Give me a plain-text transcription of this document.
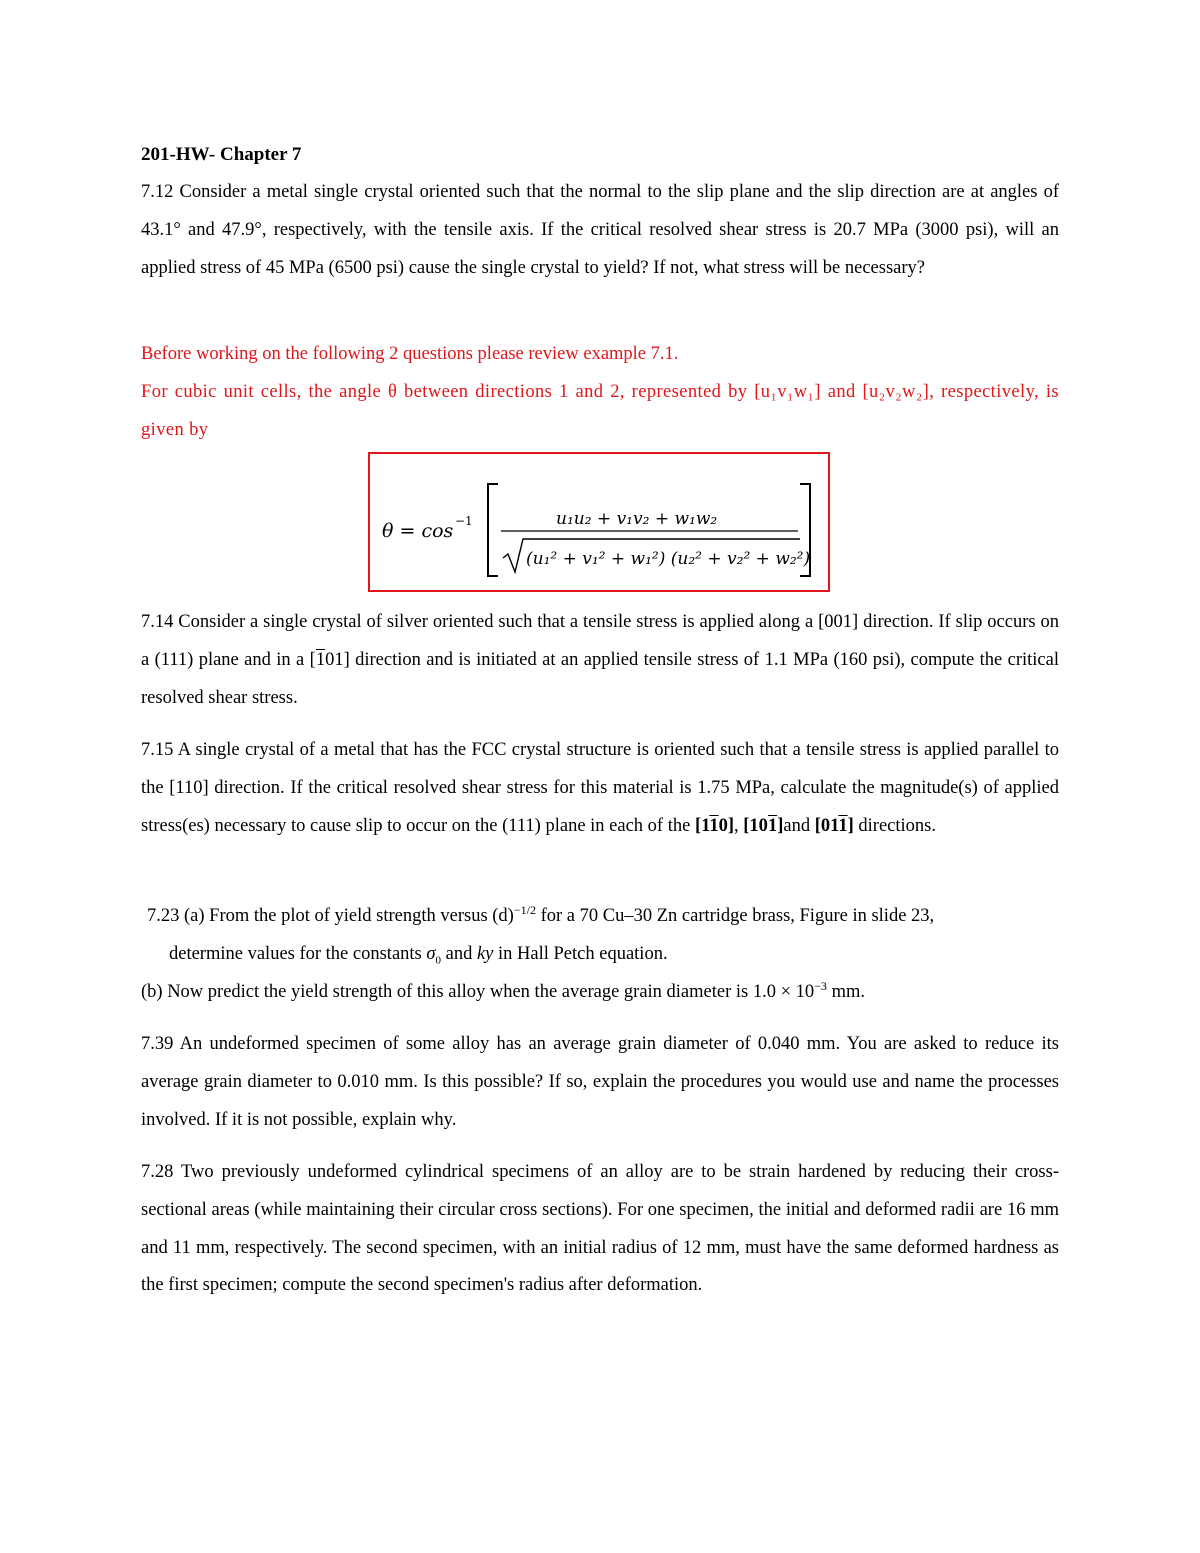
201-HW- Chapter 7
7.12 Consider a metal single crystal oriented such that the normal to the slip plane and the slip direction are at angles of 43.1° and 47.9°, respectively, with the tensile axis. If the critical resolved shear stress is 20.7 MPa (3000 psi), will an applied stress of 45 MPa (6500 psi) cause the single crystal to yield? If not, what stress will be necessary?
Before working on the following 2 questions please review example 7.1.
For cubic unit cells, the angle θ between directions 1 and 2, represented by [u₁v₁w₁] and [u₂v₂w₂], respectively, is given by
θ = cos −1	u₁u₂ + v₁v₂ + w₁w₂
(u₁² + v₁² + w₁²) (u₂² + v₂² + w₂²)
7.14 Consider a single crystal of silver oriented such that a tensile stress is applied along a [001] direction. If slip occurs on a (111) plane and in a [101] direction and is initiated at an applied tensile stress of 1.1 MPa (160 psi), compute the critical resolved shear stress.
7.15 A single crystal of a metal that has the FCC crystal structure is oriented such that a tensile stress is applied parallel to the [110] direction. If the critical resolved shear stress for this material is 1.75 MPa, calculate the magnitude(s) of applied stress(es) necessary to cause slip to occur on the (111) plane in each of the [110], [101]and [011] directions.
7.23 (a) From the plot of yield strength versus $(d)^{-1/2}$ for a 70 Cu–30 Zn cartridge brass, Figure in slide 23,
determine values for the constants $\sigma_0$ and ky in Hall Petch equation.
(b) Now predict the yield strength of this alloy when the average grain diameter is $1.0 \times 10^{-3}$ mm.
7.39 An undeformed specimen of some alloy has an average grain diameter of 0.040 mm. You are asked to reduce its average grain diameter to 0.010 mm. Is this possible? If so, explain the procedures you would use and name the processes involved. If it is not possible, explain why.
7.28 Two previously undeformed cylindrical specimens of an alloy are to be strain hardened by reducing their cross-sectional areas (while maintaining their circular cross sections). For one specimen, the initial and deformed radii are 16 mm and 11 mm, respectively. The second specimen, with an initial radius of 12 mm, must have the same deformed hardness as the first specimen; compute the second specimen's radius after deformation.
